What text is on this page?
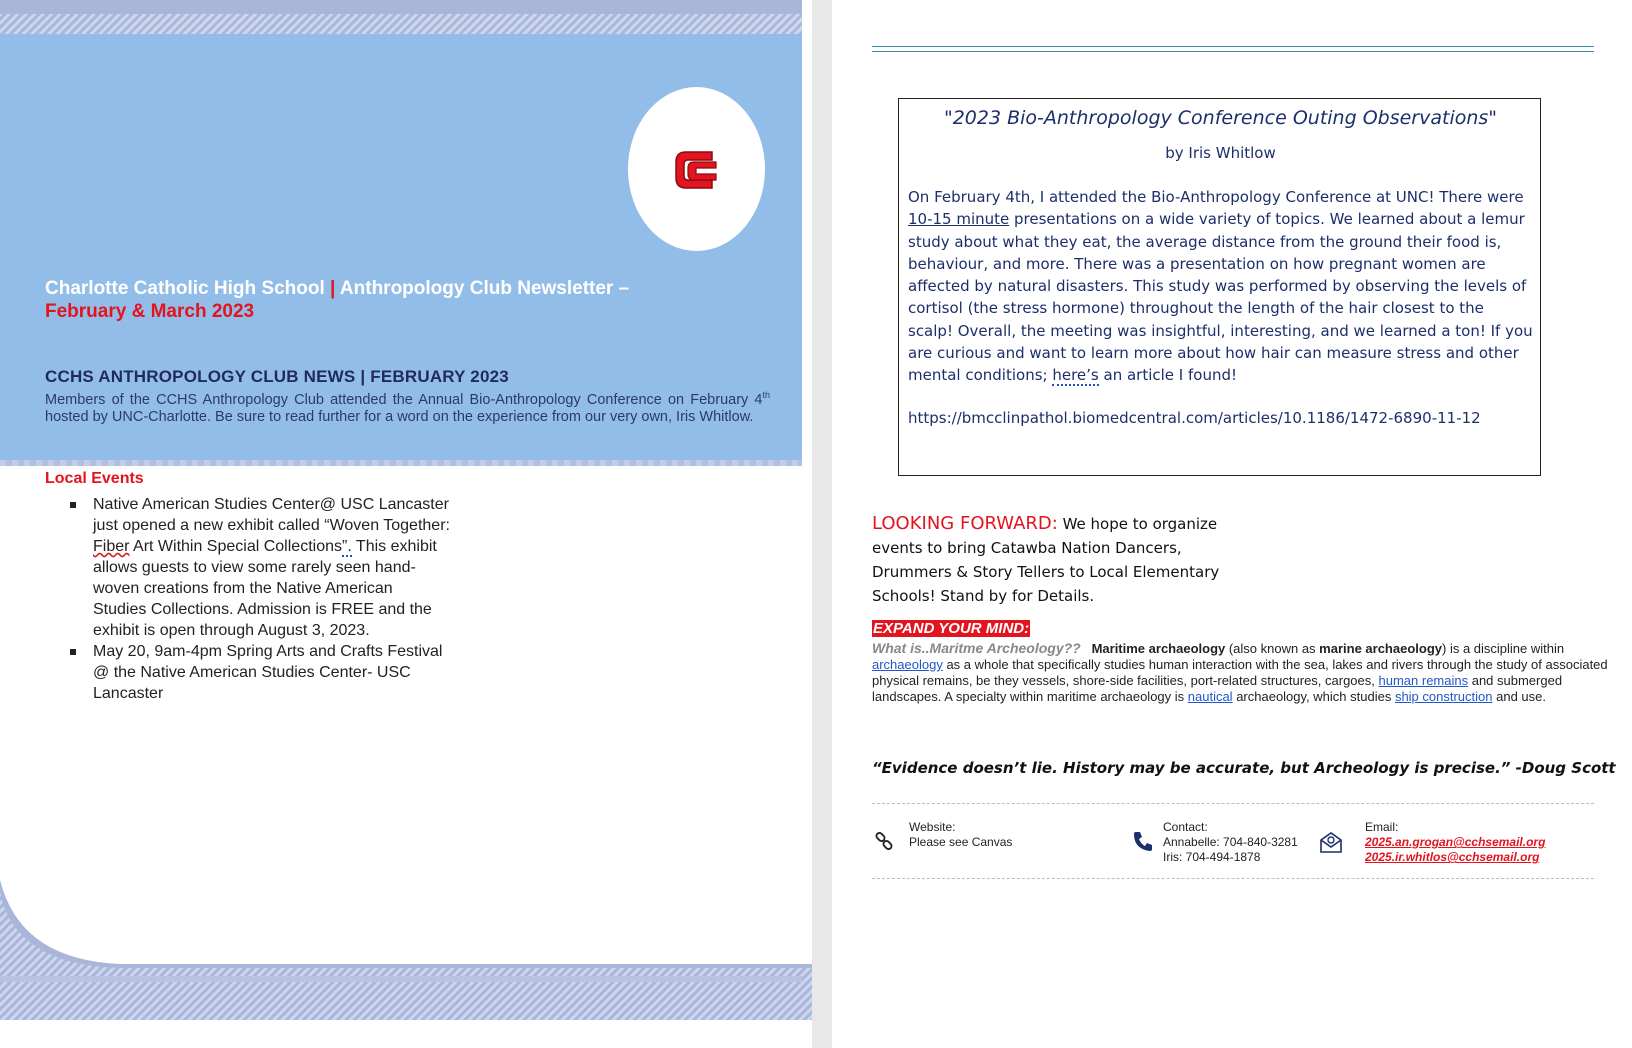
Charlotte Catholic High School | Anthropology Club Newsletter –
February & March 2023
CCHS ANTHROPOLOGY CLUB NEWS | FEBRUARY 2023
Members of the CCHS Anthropology Club attended the Annual Bio-Anthropology Conference on February 4th hosted by UNC-Charlotte. Be sure to read further for a word on the experience from our very own, Iris Whitlow.
Local Events
Native American Studies Center@ USC Lancaster just opened a new exhibit called “Woven Together: Fiber Art Within Special Collections”. This exhibit allows guests to view some rarely seen hand-woven creations from the Native American Studies Collections. Admission is FREE and the exhibit is open through August 3, 2023.
May 20, 9am-4pm Spring Arts and Crafts Festival @ the Native American Studies Center- USC Lancaster
"2023 Bio-Anthropology Conference Outing Observations"
by Iris Whitlow
On February 4th, I attended the Bio-Anthropology Conference at UNC! There were 10-15 minute presentations on a wide variety of topics. We learned about a lemur study about what they eat, the average distance from the ground their food is, behaviour, and more. There was a presentation on how pregnant women are affected by natural disasters. This study was performed by observing the levels of cortisol (the stress hormone) throughout the length of the hair closest to the scalp! Overall, the meeting was insightful, interesting, and we learned a ton! If you are curious and want to learn more about how hair can measure stress and other mental conditions; here’s an article I found!
https://bmcclinpathol.biomedcentral.com/articles/10.1186/1472-6890-11-12
LOOKING FORWARD: We hope to organize events to bring Catawba Nation Dancers, Drummers & Story Tellers to Local Elementary Schools! Stand by for Details.
EXPAND YOUR MIND:
What is..Maritme Archeology?? Maritime archaeology (also known as marine archaeology) is a discipline within archaeology as a whole that specifically studies human interaction with the sea, lakes and rivers through the study of associated physical remains, be they vessels, shore-side facilities, port-related structures, cargoes, human remains and submerged landscapes. A specialty within maritime archaeology is nautical archaeology, which studies ship construction and use.
“Evidence doesn’t lie. History may be accurate, but Archeology is precise.” -Doug Scott
Website:
Please see Canvas
Contact:
Annabelle: 704-840-3281
Iris: 704-494-1878
Email:
2025.an.grogan@cchsemail.org
2025.ir.whitlos@cchsemail.org
